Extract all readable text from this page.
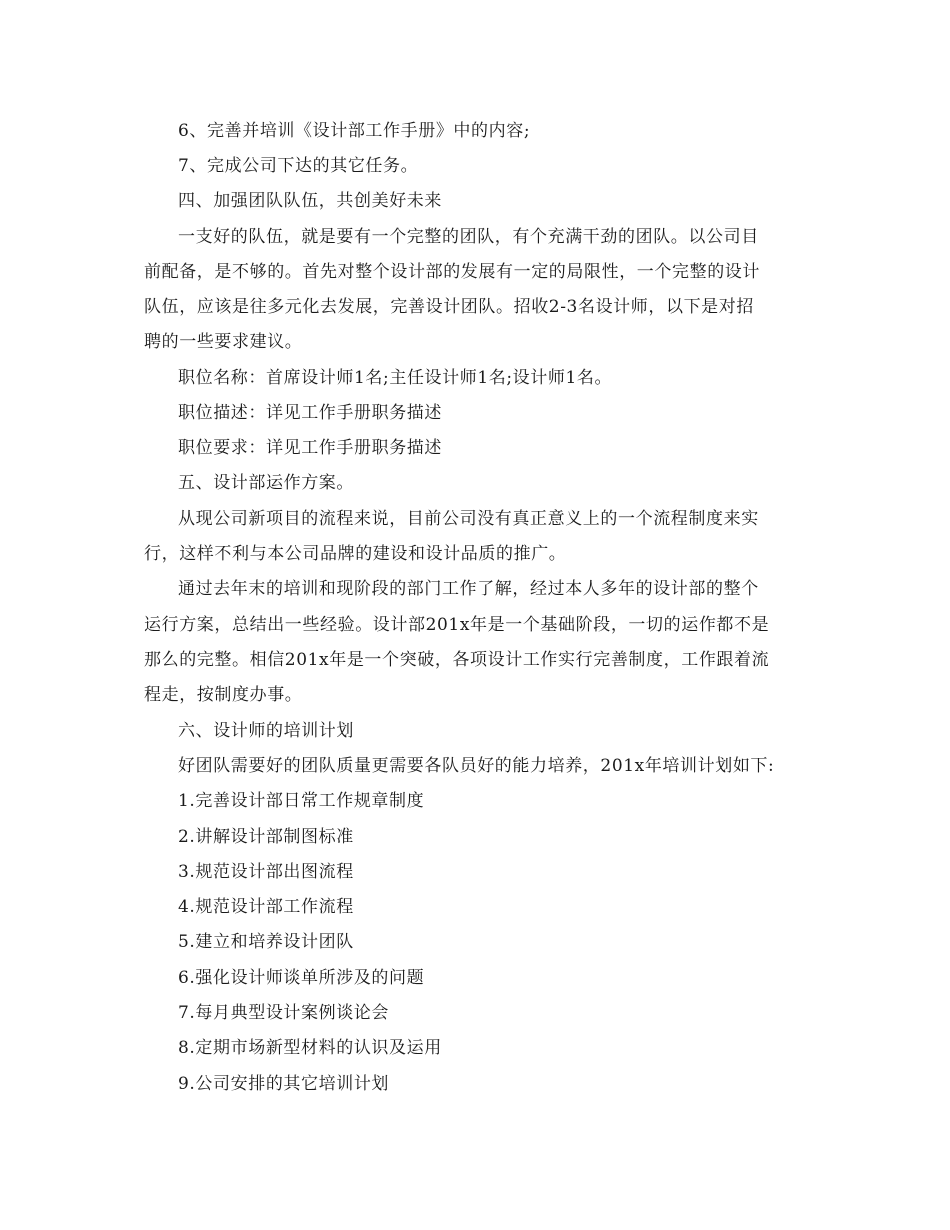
6、完善并培训《设计部工作手册》中的内容;
7、完成公司下达的其它任务。
四、加强团队队伍，共创美好未来
一支好的队伍，就是要有一个完整的团队，有个充满干劲的团队。以公司目
前配备，是不够的。首先对整个设计部的发展有一定的局限性，一个完整的设计
队伍，应该是往多元化去发展，完善设计团队。招收2-3名设计师，以下是对招
聘的一些要求建议。
职位名称：首席设计师1名;主任设计师1名;设计师1名。
职位描述：详见工作手册职务描述
职位要求：详见工作手册职务描述
五、设计部运作方案。
从现公司新项目的流程来说，目前公司没有真正意义上的一个流程制度来实
行，这样不利与本公司品牌的建设和设计品质的推广。
通过去年末的培训和现阶段的部门工作了解，经过本人多年的设计部的整个
运行方案，总结出一些经验。设计部201x年是一个基础阶段，一切的运作都不是
那么的完整。相信201x年是一个突破，各项设计工作实行完善制度，工作跟着流
程走，按制度办事。
六、设计师的培训计划
好团队需要好的团队质量更需要各队员好的能力培养，201x年培训计划如下:
1.完善设计部日常工作规章制度
2.讲解设计部制图标准
3.规范设计部出图流程
4.规范设计部工作流程
5.建立和培养设计团队
6.强化设计师谈单所涉及的问题
7.每月典型设计案例谈论会
8.定期市场新型材料的认识及运用
9.公司安排的其它培训计划
